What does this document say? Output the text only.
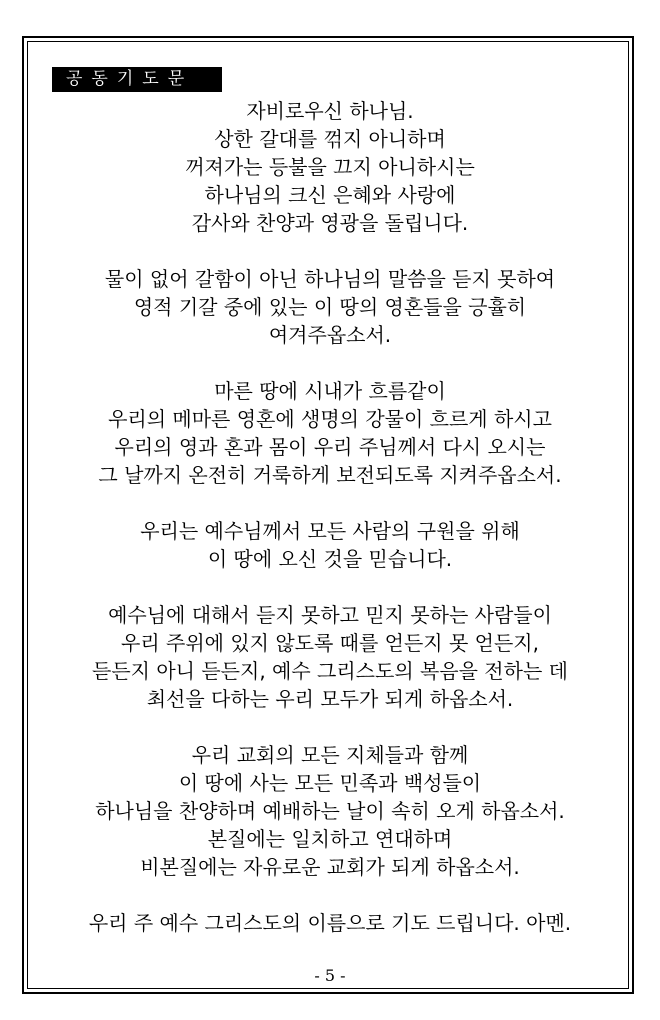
공동기도문
자비로우신 하나님.
상한 갈대를 꺾지 아니하며
꺼져가는 등불을 끄지 아니하시는
하나님의 크신 은혜와 사랑에
감사와 찬양과 영광을 돌립니다.
물이 없어 갈함이 아닌 하나님의 말씀을 듣지 못하여
영적 기갈 중에 있는 이 땅의 영혼들을 긍휼히
여겨주옵소서.
마른 땅에 시내가 흐름같이
우리의 메마른 영혼에 생명의 강물이 흐르게 하시고
우리의 영과 혼과 몸이 우리 주님께서 다시 오시는
그 날까지 온전히 거룩하게 보전되도록 지켜주옵소서.
우리는 예수님께서 모든 사람의 구원을 위해
이 땅에 오신 것을 믿습니다.
예수님에 대해서 듣지 못하고 믿지 못하는 사람들이
우리 주위에 있지 않도록 때를 얻든지 못 얻든지,
듣든지 아니 듣든지, 예수 그리스도의 복음을 전하는 데
최선을 다하는 우리 모두가 되게 하옵소서.
우리 교회의 모든 지체들과 함께
이 땅에 사는 모든 민족과 백성들이
하나님을 찬양하며 예배하는 날이 속히 오게 하옵소서.
본질에는 일치하고 연대하며
비본질에는 자유로운 교회가 되게 하옵소서.
우리 주 예수 그리스도의 이름으로 기도 드립니다. 아멘.
- 5 -
